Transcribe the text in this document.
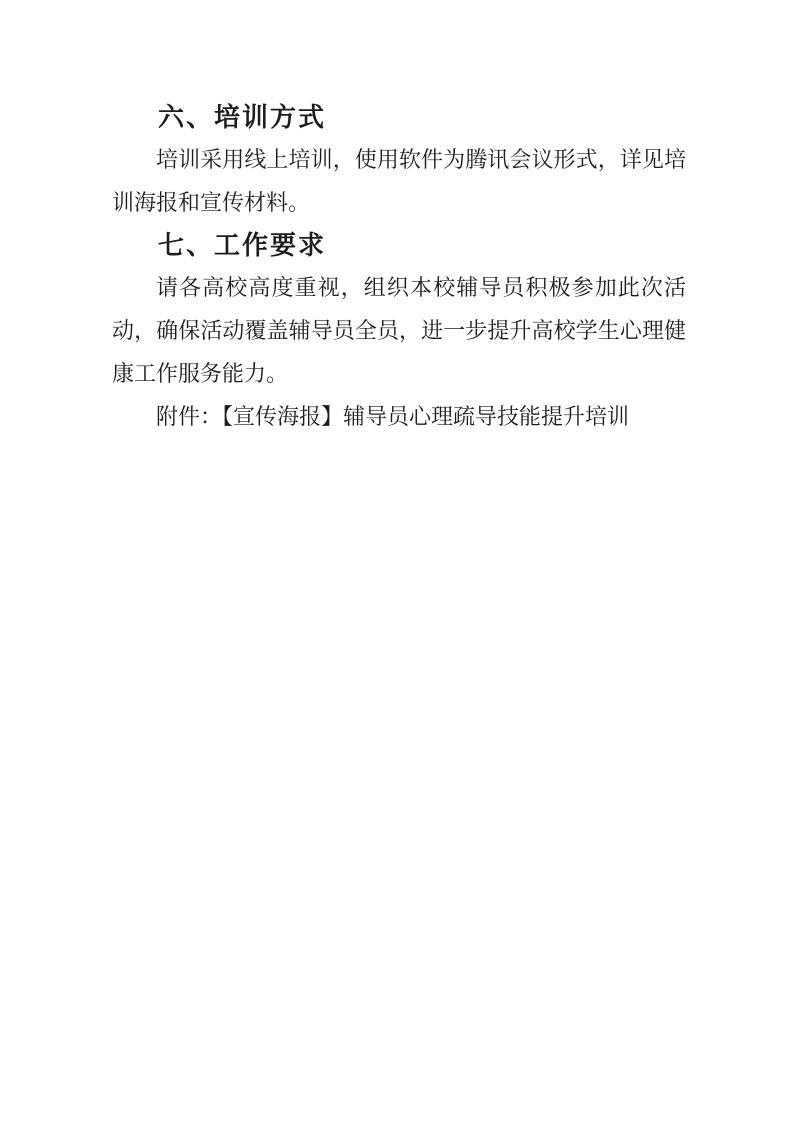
六、培训方式
培训采用线上培训，使用软件为腾讯会议形式，详见培
训海报和宣传材料。
七、工作要求
请各高校高度重视，组织本校辅导员积极参加此次活
动，确保活动覆盖辅导员全员，进一步提升高校学生心理健
康工作服务能力。
附件：【宣传海报】辅导员心理疏导技能提升培训
